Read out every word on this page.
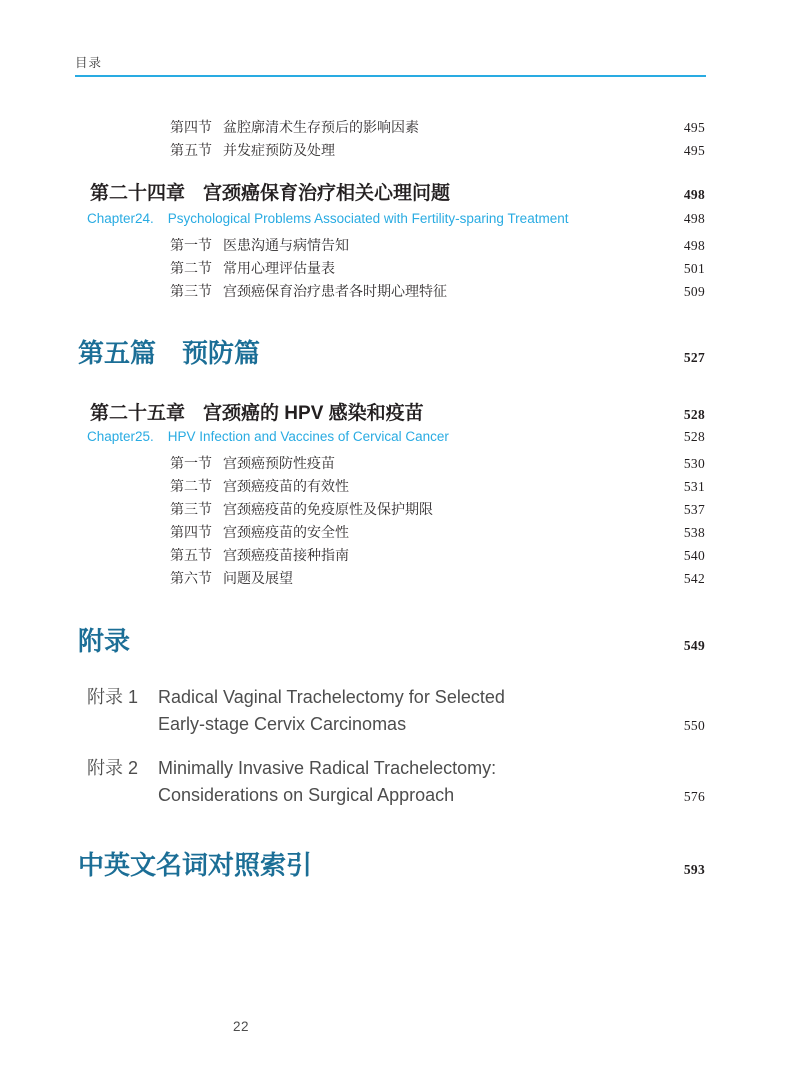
目录
第四节 盆腔廓清术生存预后的影响因素	495
第五节 并发症预防及处理	495
第二十四章 宫颈癌保育治疗相关心理问题	498
Chapter24. Psychological Problems Associated with Fertility-sparing Treatment	498
第一节 医患沟通与病情告知	498
第二节 常用心理评估量表	501
第三节 宫颈癌保育治疗患者各时期心理特征	509
第五篇 预防篇	527
第二十五章 宫颈癌的 HPV 感染和疫苗	528
Chapter25. HPV Infection and Vaccines of Cervical Cancer	528
第一节 宫颈癌预防性疫苗	530
第二节 宫颈癌疫苗的有效性	531
第三节 宫颈癌疫苗的免疫原性及保护期限	537
第四节 宫颈癌疫苗的安全性	538
第五节 宫颈癌疫苗接种指南	540
第六节 问题及展望	542
附录	549
附录 1 Radical Vaginal Trachelectomy for Selected
Early-stage Cervix Carcinomas	550
附录 2 Minimally Invasive Radical Trachelectomy:
Considerations on Surgical Approach	576
中英文名词对照索引	593
22
